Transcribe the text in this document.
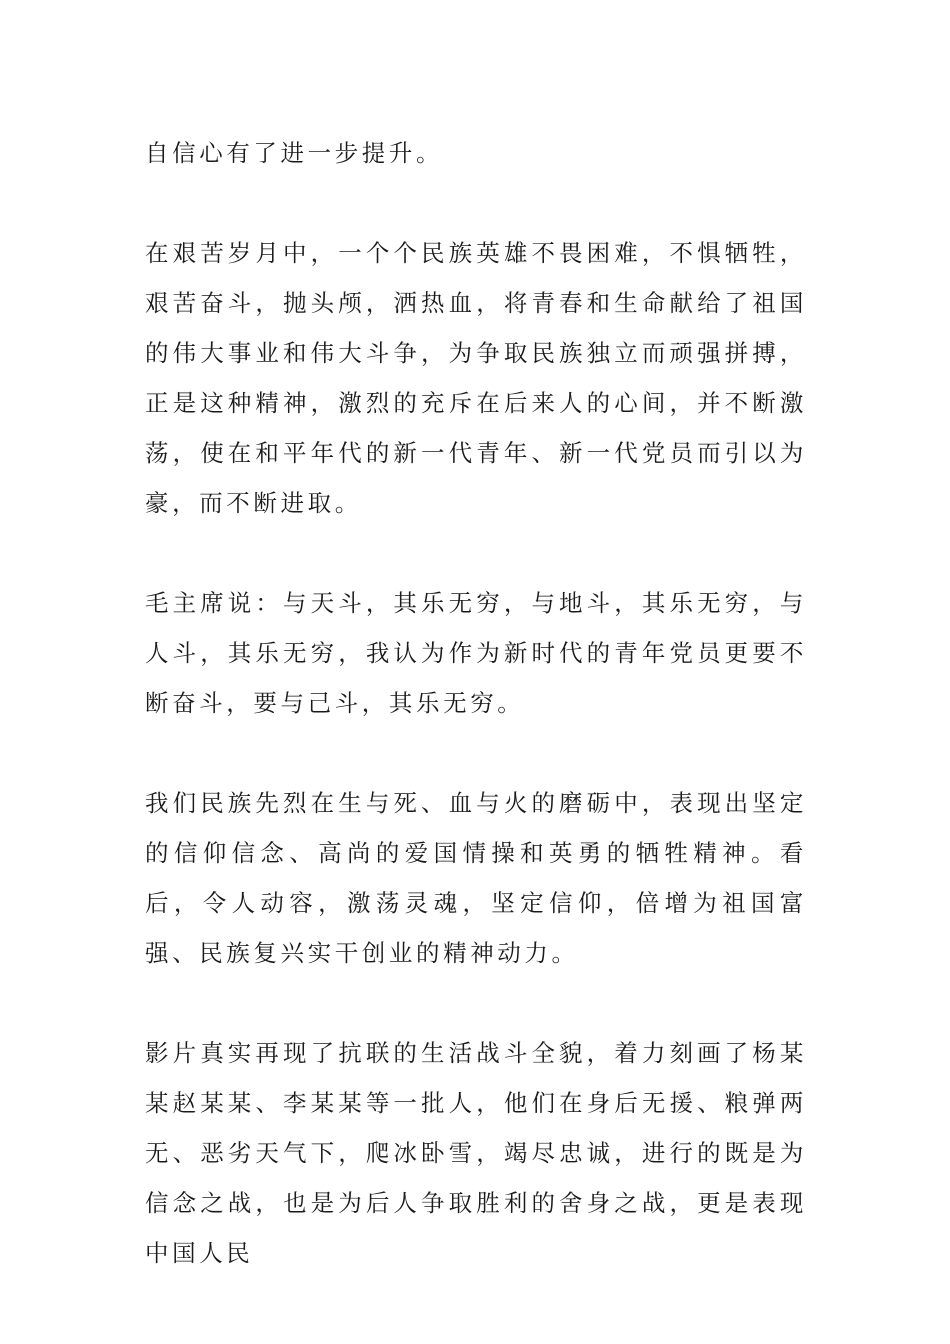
自信心有了进一步提升。

在艰苦岁月中，一个个民族英雄不畏困难，不惧牺牲，艰苦奋斗，抛头颅，洒热血，将青春和生命献给了祖国的伟大事业和伟大斗争，为争取民族独立而顽强拼搏，正是这种精神，激烈的充斥在后来人的心间，并不断激荡，使在和平年代的新一代青年、新一代党员而引以为豪，而不断进取。

毛主席说：与天斗，其乐无穷，与地斗，其乐无穷，与人斗，其乐无穷，我认为作为新时代的青年党员更要不断奋斗，要与己斗，其乐无穷。

我们民族先烈在生与死、血与火的磨砺中，表现出坚定的信仰信念、高尚的爱国情操和英勇的牺牲精神。看后，令人动容，激荡灵魂，坚定信仰，倍增为祖国富强、民族复兴实干创业的精神动力。

影片真实再现了抗联的生活战斗全貌，着力刻画了杨某某赵某某、李某某等一批人，他们在身后无援、粮弹两无、恶劣天气下，爬冰卧雪，竭尽忠诚，进行的既是为信念之战，也是为后人争取胜利的舍身之战，更是表现中国人民
